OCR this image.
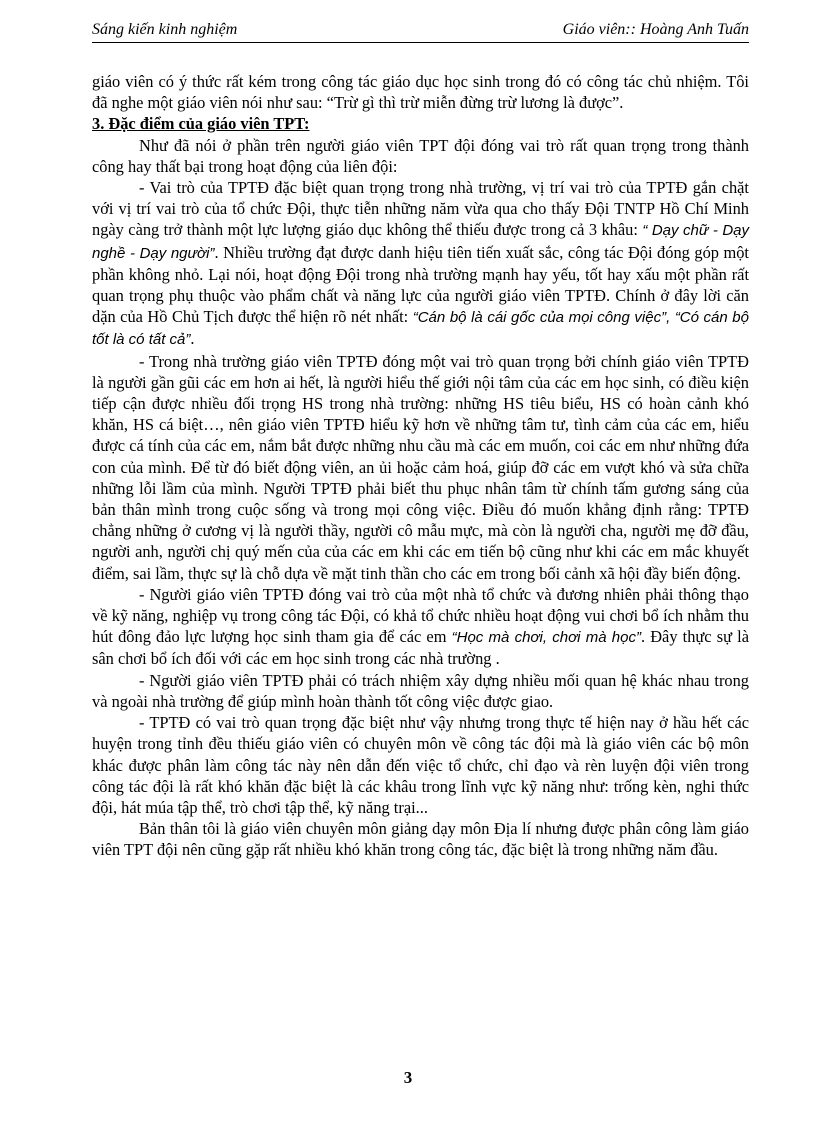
Sáng kiến kinh nghiệm	Giáo viên:: Hoàng Anh Tuấn

giáo viên có ý thức rất kém trong công tác giáo dục học sinh trong đó có công tác chủ nhiệm. Tôi đã nghe một giáo viên nói như sau: “Trừ gì thì trừ miễn đừng trừ lương là được”.

3. Đặc điểm của giáo viên TPT:

Như đã nói ở phần trên người giáo viên TPT đội đóng vai trò rất quan trọng trong thành công hay thất bại trong hoạt động của liên đội:

- Vai trò của TPTĐ đặc biệt quan trọng trong nhà trường, vị trí vai trò của TPTĐ gắn chặt với vị trí vai trò của tổ chức Đội, thực tiễn những năm vừa qua cho thấy Đội TNTP Hồ Chí Minh ngày càng trở thành một lực lượng giáo dục không thể thiếu được trong cả 3 khâu: “ Dạy chữ - Dạy nghề - Dạy người”. Nhiều trường đạt được danh hiệu tiên tiến xuất sắc, công tác Đội đóng góp một phần không nhỏ. Lại nói, hoạt động Đội trong nhà trường mạnh hay yếu, tốt hay xấu một phần rất quan trọng phụ thuộc vào phẩm chất và năng lực của người giáo viên TPTĐ. Chính ở đây lời căn dặn của Hồ Chủ Tịch được thể hiện rõ nét nhất: “Cán bộ là cái gốc của mọi công việc”, “Có cán bộ tốt là có tất cả”.

- Trong nhà trường giáo viên TPTĐ đóng một vai trò quan trọng bởi chính giáo viên TPTĐ là người gần gũi các em hơn ai hết, là người hiểu thế giới nội tâm của các em học sinh, có điều kiện tiếp cận được nhiều đối trọng HS trong nhà trường: những HS tiêu biểu, HS có hoàn cảnh khó khăn, HS cá biệt…, nên giáo viên TPTĐ hiểu kỹ hơn về những tâm tư, tình cảm của các em, hiểu được cá tính của các em, nắm bắt được những nhu cầu mà các em muốn, coi các em như những đứa con của mình. Để từ đó biết động viên, an ủi hoặc cảm hoá, giúp đỡ các em vượt khó và sửa chữa những lỗi lầm của mình. Người TPTĐ phải biết thu phục nhân tâm từ chính tấm gương sáng của bản thân mình trong cuộc sống và trong mọi công việc. Điều đó muốn khẳng định rằng: TPTĐ chẳng những ở cương vị là người thầy, người cô mẫu mực, mà còn là người cha, người mẹ đỡ đầu, người anh, người chị quý mến của của các em khi các em tiến bộ cũng như khi các em mắc khuyết điểm, sai lầm, thực sự là chỗ dựa về mặt tinh thần cho các em trong bối cảnh xã hội đầy biến động.

- Người giáo viên TPTĐ đóng vai trò của một nhà tổ chức và đương nhiên phải thông thạo về kỹ năng, nghiệp vụ trong công tác Đội, có khả tổ chức nhiều hoạt động vui chơi bổ ích nhằm thu hút đông đảo lực lượng học sinh tham gia để các em “Học mà chơi, chơi mà học”. Đây thực sự là sân chơi bổ ích đối với các em học sinh trong các nhà trường .

- Người giáo viên TPTĐ phải có trách nhiệm xây dựng nhiều mối quan hệ khác nhau trong và ngoài nhà trường để giúp mình hoàn thành tốt công việc được giao.

- TPTĐ có vai trò quan trọng đặc biệt như vậy nhưng trong thực tế hiện nay ở hầu hết các huyện trong tỉnh đều thiếu giáo viên có chuyên môn về công tác đội mà là giáo viên các bộ môn khác được phân làm công tác này nên dẫn đến việc tổ chức, chỉ đạo và rèn luyện đội viên trong công tác đội là rất khó khăn đặc biệt là các khâu trong lĩnh vực kỹ năng như: trống kèn, nghi thức đội, hát múa tập thể, trò chơi tập thể, kỹ năng trại...

Bản thân tôi là giáo viên chuyên môn giảng dạy môn Địa lí nhưng được phân công làm giáo viên TPT đội nên cũng gặp rất nhiều khó khăn trong công tác, đặc biệt là trong những năm đầu.

3
